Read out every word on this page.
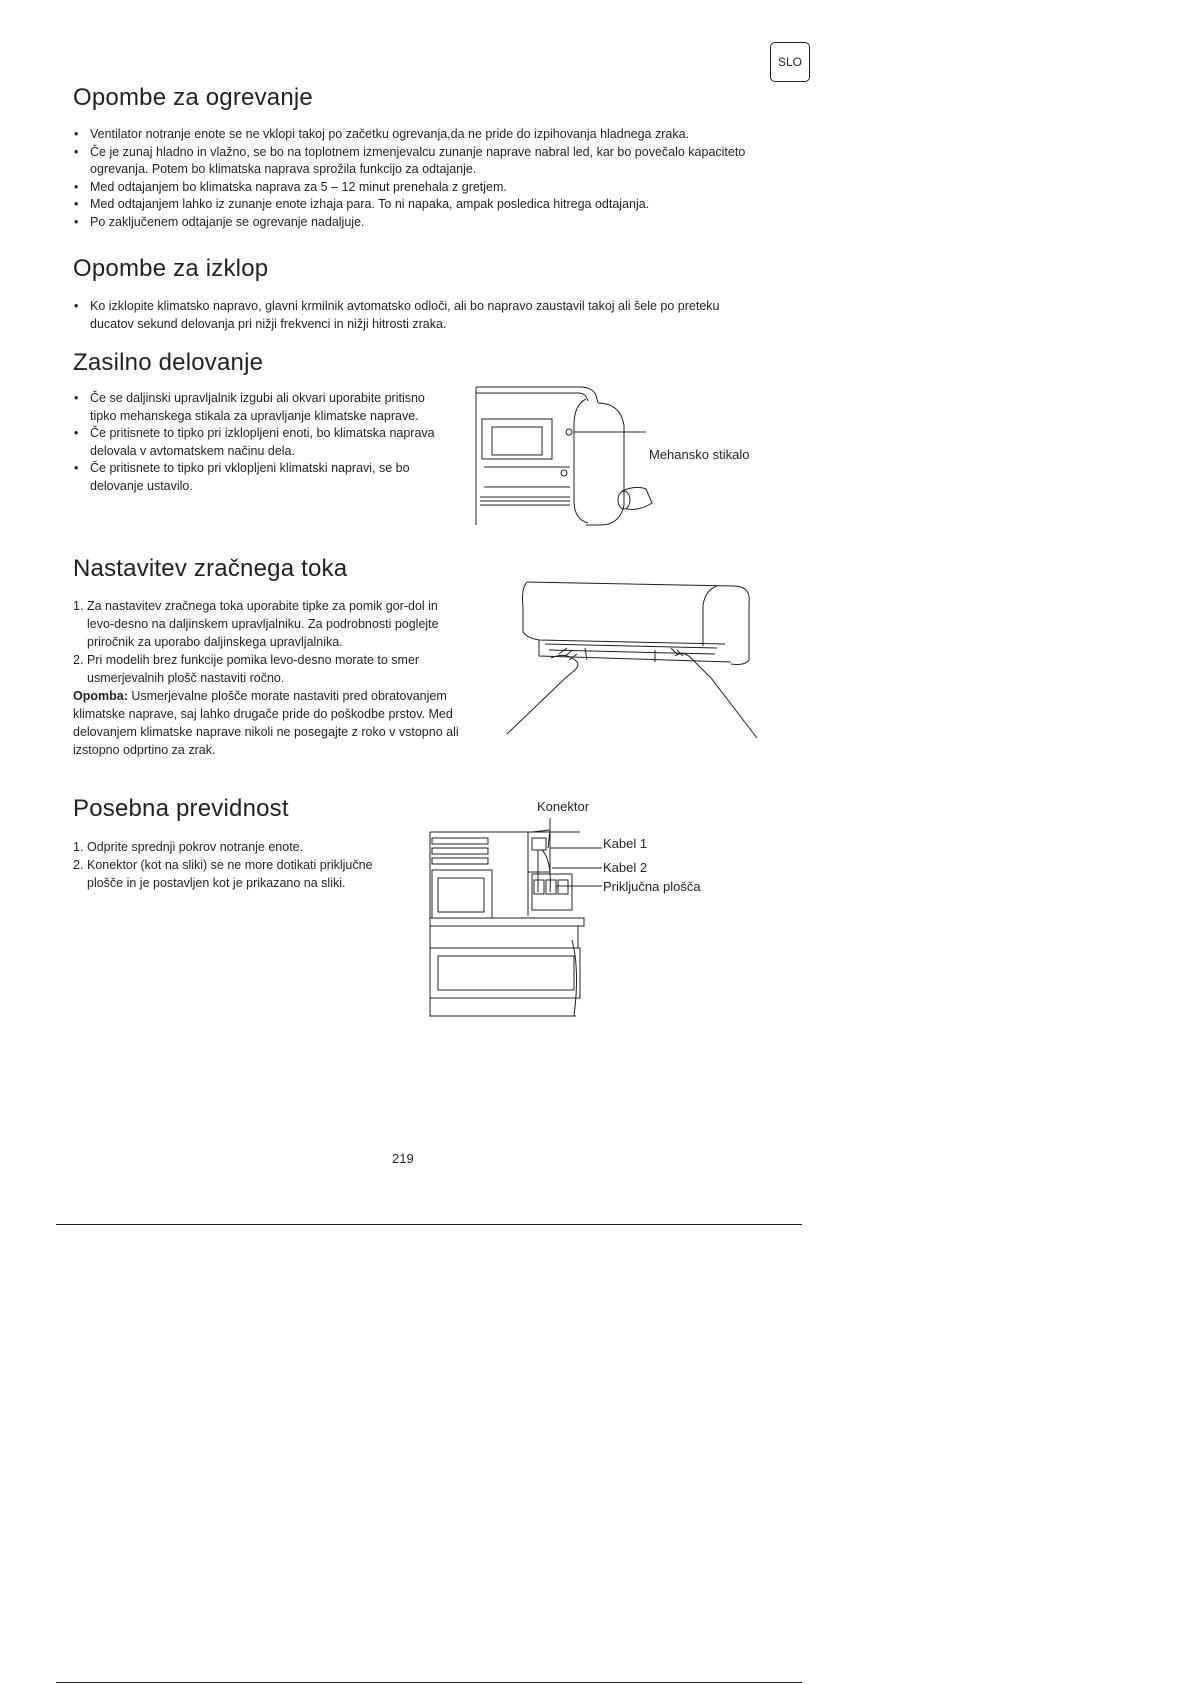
SLO
Opombe za ogrevanje
• Ventilator notranje enote se ne vklopi takoj po začetku ogrevanja,da ne pride do izpihovanja hladnega zraka.
• Če je zunaj hladno in vlažno, se bo na toplotnem izmenjevalcu zunanje naprave nabral led, kar bo povečalo kapaciteto ogrevanja. Potem bo klimatska naprava sprožila funkcijo za odtajanje.
• Med odtajanjem bo klimatska naprava za 5 – 12 minut prenehala z gretjem.
• Med odtajanjem lahko iz zunanje enote izhaja para. To ni napaka, ampak posledica hitrega odtajanja.
• Po zaključenem odtajanje se ogrevanje nadaljuje.
Opombe za izklop
• Ko izklopite klimatsko napravo, glavni krmilnik avtomatsko odloči, ali bo napravo zaustavil takoj ali šele po preteku ducatov sekund delovanja pri nižji frekvenci in nižji hitrosti zraka.
Zasilno delovanje
• Če se daljinski upravljalnik izgubi ali okvari uporabite pritisno tipko mehanskega stikala za upravljanje klimatske naprave.
• Če pritisnete to tipko pri izklopljeni enoti, bo klimatska naprava delovala v avtomatskem načinu dela.
• Če pritisnete to tipko pri vklopljeni klimatski napravi, se bo delovanje ustavilo.
Mehansko stikalo
Nastavitev zračnega toka
1. Za nastavitev zračnega toka uporabite tipke za pomik gor-dol in levo-desno na daljinskem upravljalniku. Za podrobnosti poglejte priročnik za uporabo daljinskega upravljalnika.
2. Pri modelih brez funkcije pomika levo-desno morate to smer usmerjevalnih plošč nastaviti ročno.

Opomba: Usmerjevalne plošče morate nastaviti pred obratovanjem klimatske naprave, saj lahko drugače pride do poškodbe prstov. Med delovanjem klimatske naprave nikoli ne posegajte z roko v vstopno ali izstopno odprtino za zrak.

Posebna previdnost
1. Odprite sprednji pokrov notranje enote.
2. Konektor (kot na sliki) se ne more dotikati priključne plošče in je postavljen kot je prikazano na sliki.
Konektor
Kabel 1
Kabel 2
Priključna plošča
219
